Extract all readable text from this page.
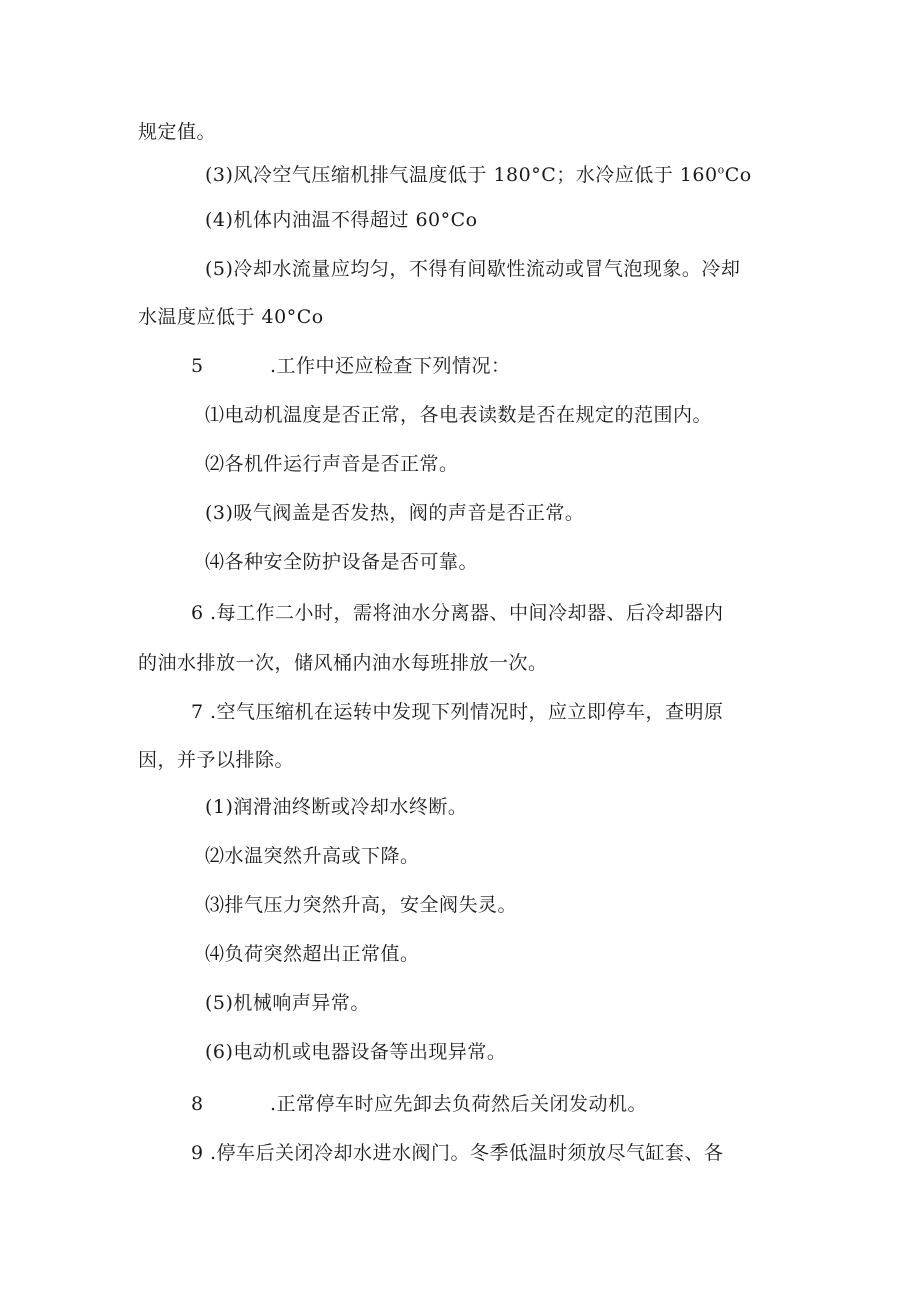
规定值。
(3)风冷空气压缩机排气温度低于 180°C；水冷应低于 160$^o$Co
(4)机体内油温不得超过 60°Co
(5)冷却水流量应均匀，不得有间歇性流动或冒气泡现象。冷却
水温度应低于 40°Co
5	.工作中还应检查下列情况：
⑴电动机温度是否正常，各电表读数是否在规定的范围内。
⑵各机件运行声音是否正常。
(3)吸气阀盖是否发热，阀的声音是否正常。
⑷各种安全防护设备是否可靠。
6 .每工作二小时，需将油水分离器、中间冷却器、后冷却器内
的油水排放一次，储风桶内油水每班排放一次。
7 .空气压缩机在运转中发现下列情况时，应立即停车，查明原
因，并予以排除。
(1)润滑油终断或冷却水终断。
⑵水温突然升高或下降。
⑶排气压力突然升高，安全阀失灵。
⑷负荷突然超出正常值。
(5)机械响声异常。
(6)电动机或电器设备等出现异常。
8	.正常停车时应先卸去负荷然后关闭发动机。
9 .停车后关闭冷却水进水阀门。冬季低温时须放尽气缸套、各
